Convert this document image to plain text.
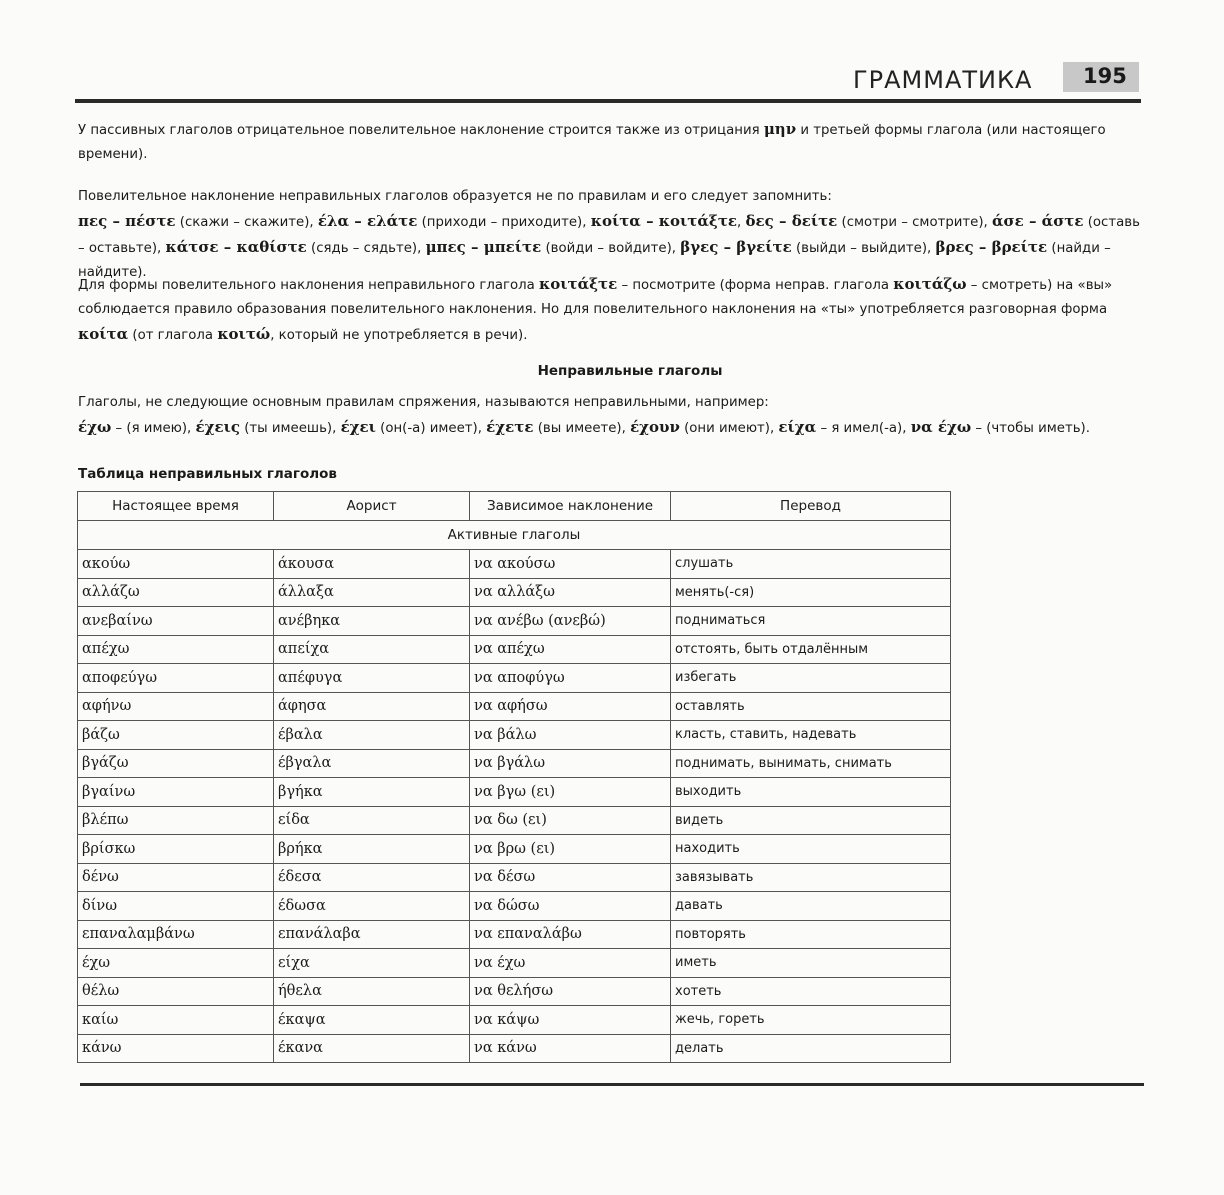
ГРАММАТИКА 195
У пассивных глаголов отрицательное повелительное наклонение строится также из отрицания μην и третьей формы глагола (или настоящего времени).
Повелительное наклонение неправильных глаголов образуется не по правилам и его следует запомнить:
πες – πέστε (скажи – скажите), έλα – ελάτε (приходи – приходите), κοίτα – κοιτάξτε, δες – δείτε (смотри – смотрите), άσε – άστε (оставь – оставьте), κάτσε – καθίστε (сядь – сядьте), μπες – μπείτε (войди – войдите), βγες – βγείτε (выйди – выйдите), βρες – βρείτε (найди – найдите).
Для формы повелительного наклонения неправильного глагола κοιτάξτε – посмотрите (форма неправ. глагола κοιτάζω – смотреть) на «вы» соблюдается правило образования повелительного наклонения. Но для повелительного наклонения на «ты» употребляется разговорная форма κοίτα (от глагола κοιτώ, который не употребляется в речи).
Неправильные глаголы
Глаголы, не следующие основным правилам спряжения, называются неправильными, например:
έχω – (я имею), έχεις (ты имеешь), έχει (он(-а) имеет), έχετε (вы имеете), έχουν (они имеют), είχα – я имел(-а), να έχω – (чтобы иметь).
Таблица неправильных глаголов
Настоящее время	Аорист	Зависимое наклонение	Перевод
Активные глаголы			
ακούω	άκουσα	να ακούσω	слушать
αλλάζω	άλλαξα	να αλλάξω	менять(-ся)
ανεβαίνω	ανέβηκα	να ανέβω (ανεβώ)	подниматься
απέχω	απείχα	να απέχω	отстоять, быть отдалённым
αποφεύγω	απέφυγα	να αποφύγω	избегать
αφήνω	άφησα	να αφήσω	оставлять
βάζω	έβαλα	να βάλω	класть, ставить, надевать
βγάζω	έβγαλα	να βγάλω	поднимать, вынимать, снимать
βγαίνω	βγήκα	να βγω (ει)	выходить
βλέπω	είδα	να δω (ει)	видеть
βρίσκω	βρήκα	να βρω (ει)	находить
δένω	έδεσα	να δέσω	завязывать
δίνω	έδωσα	να δώσω	давать
επαναλαμβάνω	επανάλαβα	να επαναλάβω	повторять
έχω	είχα	να έχω	иметь
θέλω	ήθελα	να θελήσω	хотеть
καίω	έκαψα	να κάψω	жечь, гореть
κάνω	έκανα	να κάνω	делать
